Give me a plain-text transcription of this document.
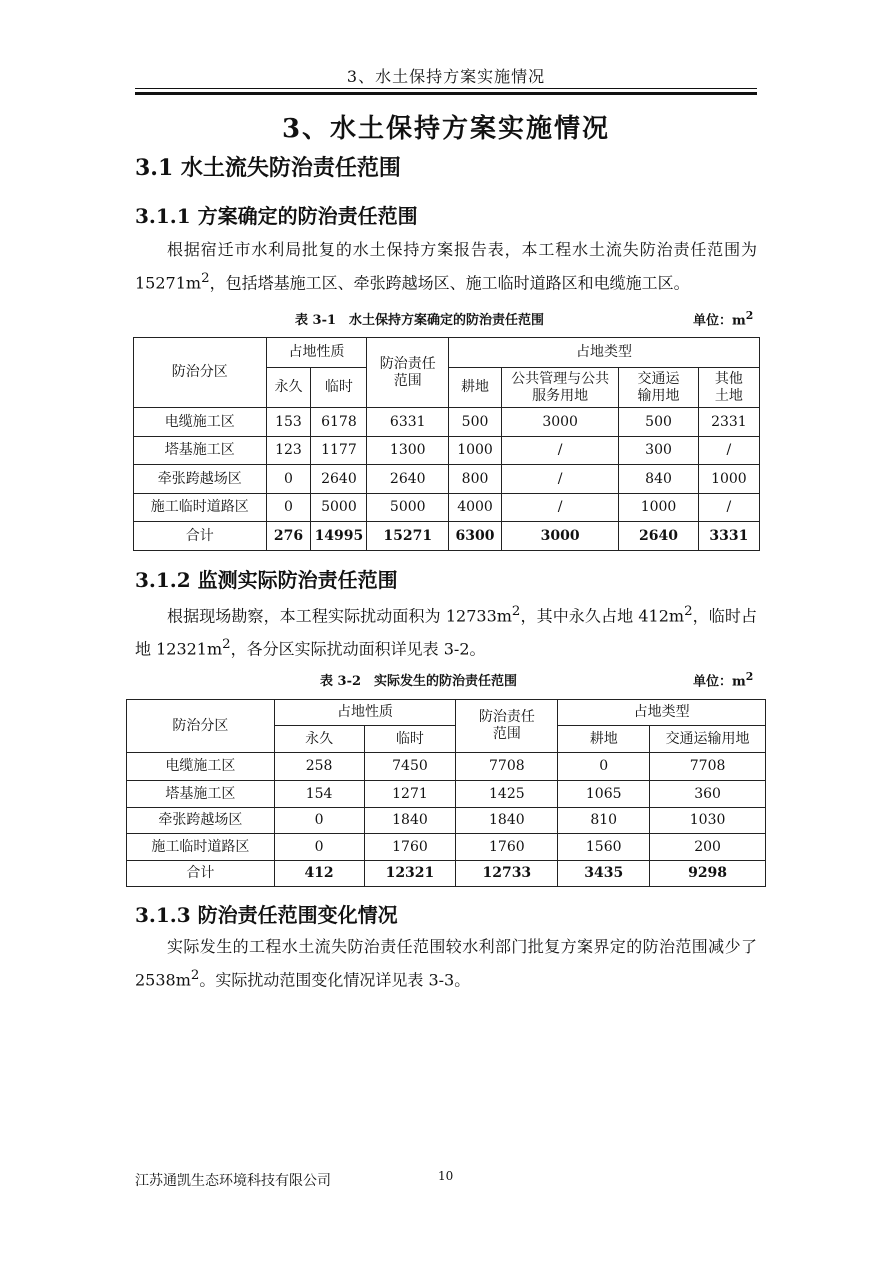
3、水土保持方案实施情况
3、水土保持方案实施情况
3.1 水土流失防治责任范围
3.1.1 方案确定的防治责任范围
根据宿迁市水利局批复的水土保持方案报告表，本工程水土流失防治责任范围为 $15271m^2$，包括塔基施工区、牵张跨越场区、施工临时道路区和电缆施工区。
表 3-1　水土保持方案确定的防治责任范围	单位：$m^2$
防治分区	占地性质		防治责任范围	占地类型			
	永久	临时		耕地	公共管理与公共服务用地	交通运输用地	其他土地
电缆施工区	153	6178	6331	500	3000	500	2331
塔基施工区	123	1177	1300	1000	/	300	/
牵张跨越场区	0	2640	2640	800	/	840	1000
施工临时道路区	0	5000	5000	4000	/	1000	/
合计	276	14995	15271	6300	3000	2640	3331
3.1.2 监测实际防治责任范围
根据现场勘察，本工程实际扰动面积为 $12733m^2$，其中永久占地 $412m^2$，临时占地 $12321m^2$，各分区实际扰动面积详见表 3-2。
表 3-2　实际发生的防治责任范围	单位：$m^2$
防治分区	占地性质		防治责任范围	占地类型	
	永久	临时		耕地	交通运输用地
电缆施工区	258	7450	7708	0	7708
塔基施工区	154	1271	1425	1065	360
牵张跨越场区	0	1840	1840	810	1030
施工临时道路区	0	1760	1760	1560	200
合计	412	12321	12733	3435	9298
3.1.3 防治责任范围变化情况
实际发生的工程水土流失防治责任范围较水利部门批复方案界定的防治范围减少了 $2538m^2$。实际扰动范围变化情况详见表 3-3。
江苏通凯生态环境科技有限公司	10
